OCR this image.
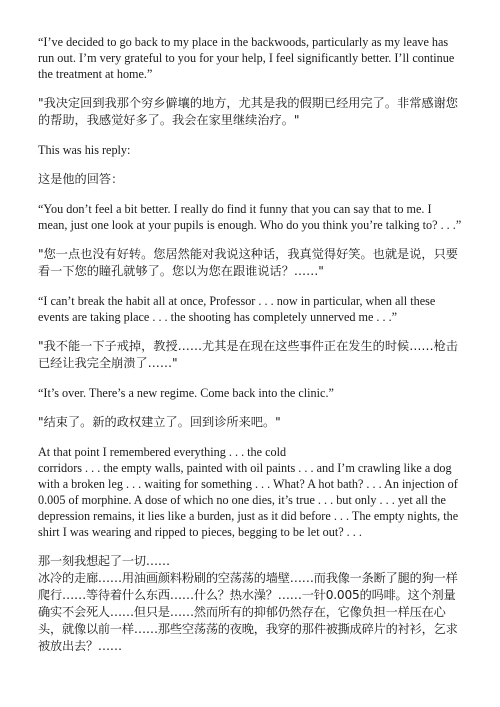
“I’ve decided to go back to my place in the backwoods, particularly as my leave has run out. I’m very grateful to you for your help, I feel significantly better. I’ll continue the treatment at home.”

"我决定回到我那个穷乡僻壤的地方，尤其是我的假期已经用完了。非常感谢您的帮助，我感觉好多了。我会在家里继续治疗。"

This was his reply:

这是他的回答：

“You don’t feel a bit better. I really do find it funny that you can say that to me. I mean, just one look at your pupils is enough. Who do you think you’re talking to? . . .”

"您一点也没有好转。您居然能对我说这种话，我真觉得好笑。也就是说，只要看一下您的瞳孔就够了。您以为您在跟谁说话？……"

“I can’t break the habit all at once, Professor . . . now in particular, when all these events are taking place . . . the shooting has completely unnerved me . . .”

"我不能一下子戒掉，教授……尤其是在现在这些事件正在发生的时候……枪击已经让我完全崩溃了……"

“It’s over. There’s a new regime. Come back into the clinic.”

"结束了。新的政权建立了。回到诊所来吧。"

At that point I remembered everything . . . the cold
corridors . . . the empty walls, painted with oil paints . . . and I’m crawling like a dog with a broken leg . . . waiting for something . . . What? A hot bath? . . . An injection of 0.005 of morphine. A dose of which no one dies, it’s true . . . but only . . . yet all the depression remains, it lies like a burden, just as it did before . . . The empty nights, the shirt I was wearing and ripped to pieces, begging to be let out? . . .

那一刻我想起了一切……
冰冷的走廊……用油画颜料粉刷的空荡荡的墙壁……而我像一条断了腿的狗一样爬行……等待着什么东西……什么？热水澡？……一针0.005的吗啡。这个剂量确实不会死人……但只是……然而所有的抑郁仍然存在，它像负担一样压在心头，就像以前一样……那些空荡荡的夜晚，我穿的那件被撕成碎片的衬衫，乞求被放出去？……
